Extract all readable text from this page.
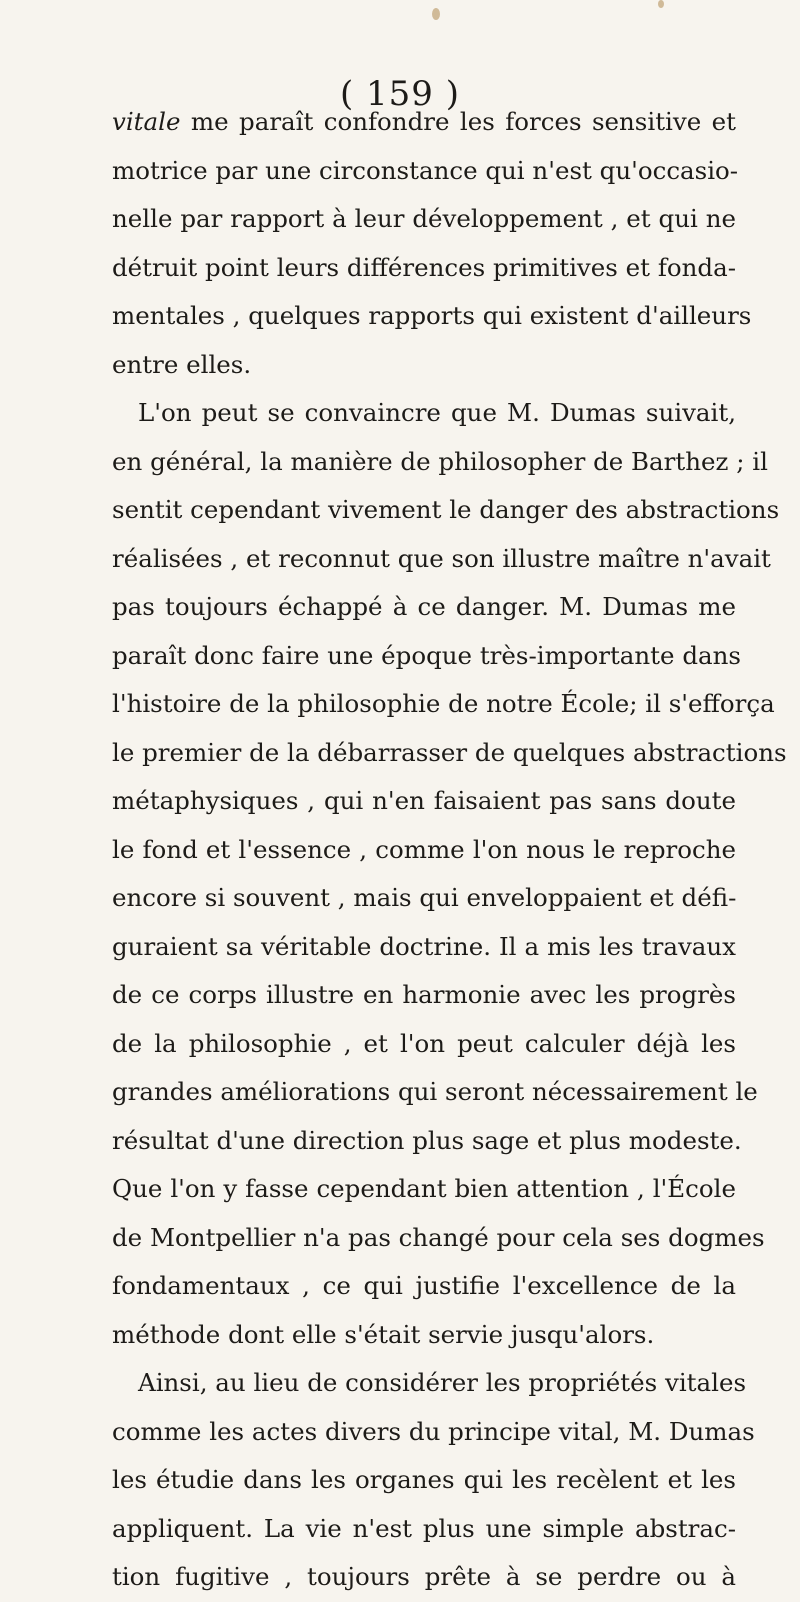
( 159 )
vitale me paraît confondre les forces sensitive et
motrice par une circonstance qui n'est qu'occasio-
nelle par rapport à leur développement , et qui ne
détruit point leurs différences primitives et fonda-
mentales , quelques rapports qui existent d'ailleurs
entre elles.
L'on peut se convaincre que M. Dumas suivait,
en général, la manière de philosopher de Barthez ; il
sentit cependant vivement le danger des abstractions
réalisées , et reconnut que son illustre maître n'avait
pas toujours échappé à ce danger. M. Dumas me
paraît donc faire une époque très-importante dans
l'histoire de la philosophie de notre École; il s'efforça
le premier de la débarrasser de quelques abstractions
métaphysiques , qui n'en faisaient pas sans doute
le fond et l'essence , comme l'on nous le reproche
encore si souvent , mais qui enveloppaient et défi-
guraient sa véritable doctrine. Il a mis les travaux
de ce corps illustre en harmonie avec les progrès
de la philosophie , et l'on peut calculer déjà les
grandes améliorations qui seront nécessairement le
résultat d'une direction plus sage et plus modeste.
Que l'on y fasse cependant bien attention , l'École
de Montpellier n'a pas changé pour cela ses dogmes
fondamentaux , ce qui justifie l'excellence de la
méthode dont elle s'était servie jusqu'alors.
Ainsi, au lieu de considérer les propriétés vitales
comme les actes divers du principe vital, M. Dumas
les étudie dans les organes qui les recèlent et les
appliquent. La vie n'est plus une simple abstrac-
tion fugitive , toujours prête à se perdre ou à
